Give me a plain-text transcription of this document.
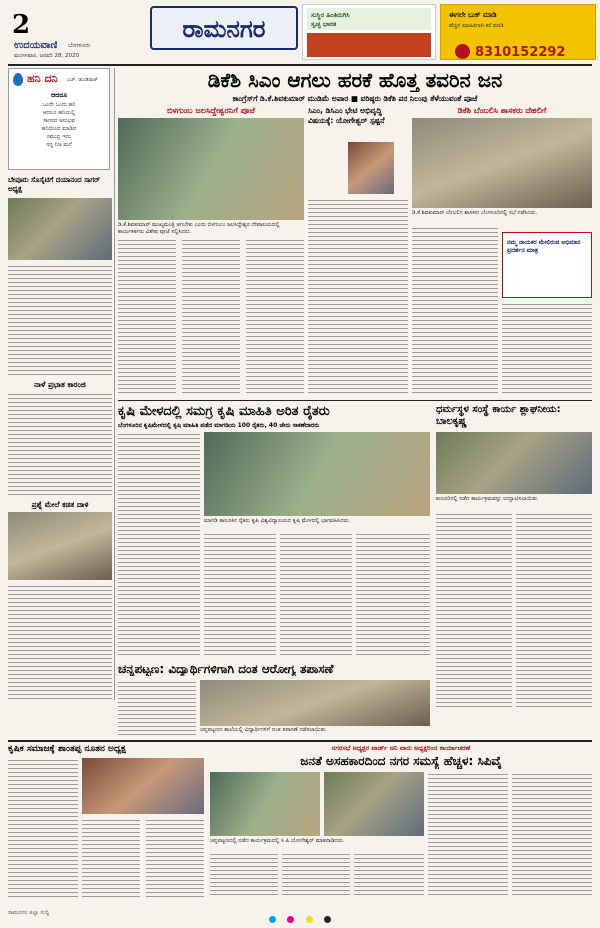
2
ಉದಯವಾಣಿ ಬೆಂಗಳೂರು
ಮಂಗಳವಾರ, ಜನವರಿ 28, 2020
ರಾಮನಗರ	ಸುಸ್ಥಿರ ಹಿಂತಿರುಗಿಸಿ
ಸ್ವಚ್ಛ ಭಾರತ
ಈಗಲೇ ಬುಕ್ ಮಾಡಿ
ಹೆಚ್ಚಿನ ಮಾಹಿತಿಗಾಗಿ ಕರೆ ಮಾಡಿ
8310152292
ಹನಿ ದನಿ ಎಚ್. ಡುಂಡಿರಾಜ್
ಆದರೂ
ಒಂದೇ ಒಂದು ಹನಿ
ಆದರೂ ಹನಿಯಲ್ಲಿ
ಸಾಗರದ ಅನುಭವ
ಹನಿಯಿಂದ ಮಾಡಿದ
ಸಮುದ್ರ ಇದು
ನನ್ನ ನಿಜ ಮನೆ
ಬೇವೂರು ಸೊಸೈಟಿಗೆ ದಯಾನಂದ ಸಾಗರ್ ಅಧ್ಯಕ್ಷ
ನಾಳೆ ಪ್ರಭಾತ ಕಾರಂಜಿ
ಪ್ರಶ್ನೆ ಮೇಲೆ ಕಡತ ದಾಳಿ
ಡಿಕೆಶಿ ಸಿಎಂ ಆಗಲು ಹರಕೆ ಹೊತ್ತ ತವರಿನ ಜನ
ಕಾಂಗ್ರೆಸ್‌ಗೆ ಡಿ.ಕೆ.ಶಿವಕುಮಾರ್ ಮುಡಿಮೆ ಅಪಾರ ■ ವರಿಷ್ಠರು ಡಿಕೆಶಿ ಪರ ನಿಲುವು ತೆಳೆಯುವಂತೆ ಪೂಜೆ
ಬಿಳಗುಂಬ ಜಲಸಿದ್ದೇಶ್ವರನಿಗೆ ಪೂಜೆ
ಡಿ.ಕೆ.ಶಿವಕುಮಾರ್ ಮುಖ್ಯಮಂತ್ರಿ ಆಗಬೇಕು ಎಂದು ಬಿಳಗುಂಬ ಜಲಸಿದ್ದೇಶ್ವರ ದೇವಾಲಯದಲ್ಲಿ ಕಾರ್ಯಕರ್ತರು ವಿಶೇಷ ಪೂಜೆ ಸಲ್ಲಿಸಿದರು.
ಸಿಎಂ, ಡಿಸಿಎಂ ಭೇಟಿ ಅಭಿವೃದ್ಧಿ ವಿಷಯಕ್ಕೆ: ಯೋಗೇಶ್ವರ್ ಸ್ಪಷ್ಟನೆ
ಡಿಕೆಶಿ ಬೆಂಬಲಿಸಿ ಶಾಸಕರು ದೆಹಲಿಗೆ
ಡಿ.ಕೆ.ಶಿವಕುಮಾರ್ ಬೆಂಬಲಿಗ ಶಾಸಕರು ಬೆಂಗಳೂರಿನಲ್ಲಿ ಸಭೆ ನಡೆಸಿದರು.
ನಮ್ಮ ನಾಯಕರ ಮೇಲಿರುವ ಅಭಿಮಾನ ಪ್ರದರ್ಶನ ಮಾತ್ರ
ಕೃಷಿ ಮೇಳದಲ್ಲಿ ಸಮಗ್ರ ಕೃಷಿ ಮಾಹಿತಿ ಅರಿತ ರೈತರು
ಬೆಂಗಳೂರಿನ ಕೃಷಿಮೇಳದಲ್ಲಿ ಕೃಷಿ ಮಾಹಿತಿ ಪಡೆದ ಮಾಗಡಿಯ 100 ರೈತರು, 40 ಜೇನು ಸಾಕಣೆದಾರರು
ಮಾಗಡಿ ತಾಲೂಕಿನ ರೈತರು ಕೃಷಿ ವಿಶ್ವವಿದ್ಯಾಲಯದ ಕೃಷಿ ಮೇಳದಲ್ಲಿ ಭಾಗವಹಿಸಿದರು.
ಧರ್ಮಸ್ಥಳ ಸಂಸ್ಥೆ ಕಾರ್ಯ ಶ್ಲಾಘನೀಯ: ಬಾಲಕೃಷ್ಣ
ಕುದೂರಿನಲ್ಲಿ ನಡೆದ ಕಾರ್ಯಕ್ರಮವನ್ನು ಉದ್ಘಾಟಿಸಲಾಯಿತು.
ಚನ್ನಪಟ್ಟಣ: ವಿದ್ಯಾರ್ಥಿಗಳಿಗಾಗಿ ದಂತ ಆರೋಗ್ಯ ತಪಾಸಣೆ
ಚನ್ನಪಟ್ಟಣದ ಶಾಲೆಯಲ್ಲಿ ವಿದ್ಯಾರ್ಥಿಗಳಿಗೆ ದಂತ ತಪಾಸಣೆ ನಡೆಸಲಾಯಿತು.
ಕೃಷಿಕ ಸಮಾಜಕ್ಕೆ ಶಾಂತಪ್ಪ ನೂತನ ಅಧ್ಯಕ್ಷ	ನಗರಸಭೆ ಅಧ್ಯಕ್ಷರ ವಾರ್ಡ್ ಅನಿ ವಾರು ಅಧ್ಯಕ್ಷರಿಂದ ಕಾರ್ಯಾಚರಣೆ
ಜನತೆ ಅಸಹಕಾರದಿಂದ ನಗರ ಸಮಸ್ಯೆ ಹೆಚ್ಚಳ: ಸಿಪಿವೈ
ಚನ್ನಪಟ್ಟಣದಲ್ಲಿ ನಡೆದ ಕಾರ್ಯಕ್ರಮದಲ್ಲಿ ಸಿ.ಪಿ.ಯೋಗೇಶ್ವರ್ ಮಾತನಾಡಿದರು.

ರಾಮನಗರ ಜಿಲ್ಲಾ ಸುದ್ದಿ
